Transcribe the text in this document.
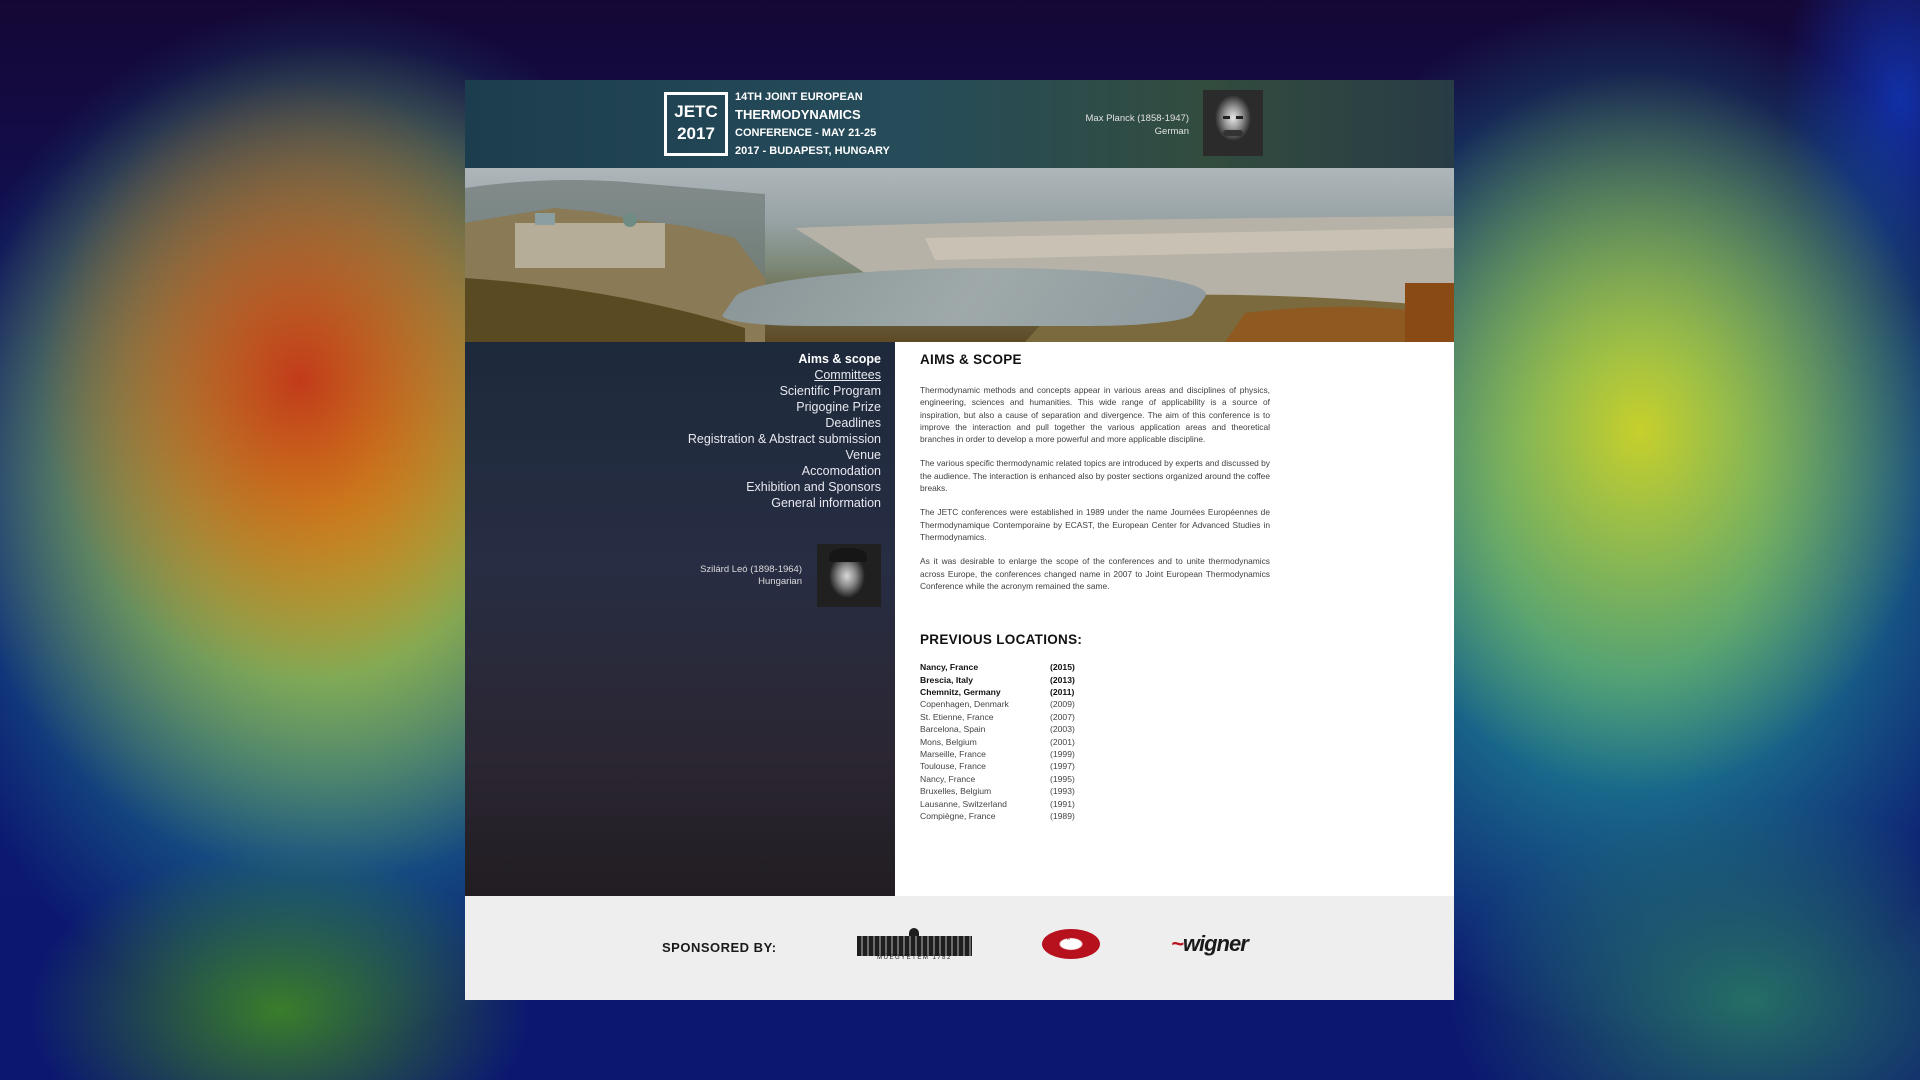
JETC
2017
14TH JOINT EUROPEAN
THERMODYNAMICS
CONFERENCE - MAY 21-25
2017 - BUDAPEST, HUNGARY
Max Planck (1858-1947)
German
Aims & scope
Committees
Scientific Program
Prigogine Prize
Deadlines
Registration & Abstract submission
Venue
Accomodation
Exhibition and Sponsors
General information
Szilárd Leó (1898-1964)
Hungarian
AIMS & SCOPE

Thermodynamic methods and concepts appear in various areas and disciplines of physics, engineering, sciences and humanities. This wide range of applicability is a source of inspiration, but also a cause of separation and divergence. The aim of this conference is to improve the interaction and pull together the various application areas and theoretical branches in order to develop a more powerful and more applicable discipline.

The various specific thermodynamic related topics are introduced by experts and discussed by the audience. The interaction is enhanced also by poster sections organized around the coffee breaks.

The JETC conferences were established in 1989 under the name Journées Européennes de Thermodynamique Contemporaine by ECAST, the European Center for Advanced Studies in Thermodynamics.

As it was desirable to enlarge the scope of the conferences and to unite thermodynamics across Europe, the conferences changed name in 2007 to Joint European Thermodynamics Conference while the acronym remained the same.

PREVIOUS LOCATIONS:
Nancy, France	(2015)
Brescia, Italy	(2013)
Chemnitz, Germany	(2011)
Copenhagen, Denmark	(2009)
St. Etienne, France	(2007)
Barcelona, Spain	(2003)
Mons, Belgium	(2001)
Marseille, France	(1999)
Toulouse, France	(1997)
Nancy, France	(1995)
Bruxelles, Belgium	(1993)
Lausanne, Switzerland	(1991)
Compiègne, France	(1989)
SPONSORED BY:
MŰEGYETEM 1782
*	~wigner
